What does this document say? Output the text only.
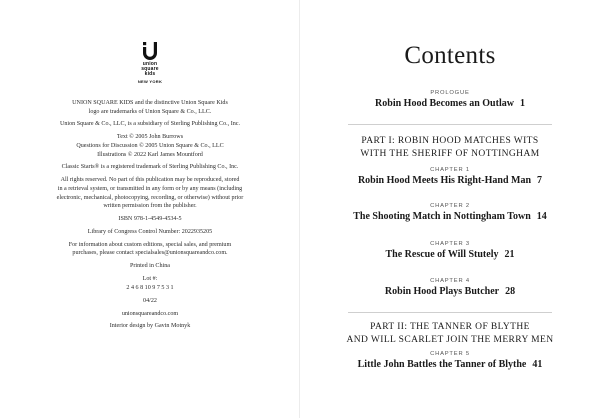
union
square
kids
NEW YORK

UNION SQUARE KIDS and the distinctive Union Square Kids

logo are trademarks of Union Square & Co., LLC.

Union Square & Co., LLC, is a subsidiary of Sterling Publishing Co., Inc.

Text © 2005 John Burrows

Questions for Discussion © 2005 Union Square & Co., LLC

Illustrations © 2022 Karl James Mountford

Classic Starts® is a registered trademark of Sterling Publishing Co., Inc.

All rights reserved. No part of this publication may be reproduced, stored

in a retrieval system, or transmitted in any form or by any means (including

electronic, mechanical, photocopying, recording, or otherwise) without prior

written permission from the publisher.

ISBN 978-1-4549-4534-5

Library of Congress Control Number: 2022935205

For information about custom editions, special sales, and premium

purchases, please contact specialsales@unionsquareandco.com.

Printed in China

Lot #:

2 4 6 8 10 9 7 5 3 1

04/22

unionsquareandco.com

Interior design by Gavin Motnyk

Contents
PROLOGUE
Robin Hood Becomes an Outlaw 1
PART I: ROBIN HOOD MATCHES WITS
WITH THE SHERIFF OF NOTTINGHAM
CHAPTER 1
Robin Hood Meets His Right-Hand Man 7
CHAPTER 2
The Shooting Match in Nottingham Town 14
CHAPTER 3
The Rescue of Will Stutely 21
CHAPTER 4
Robin Hood Plays Butcher 28
PART II: THE TANNER OF BLYTHE
AND WILL SCARLET JOIN THE MERRY MEN
CHAPTER 5
Little John Battles the Tanner of Blythe 41
